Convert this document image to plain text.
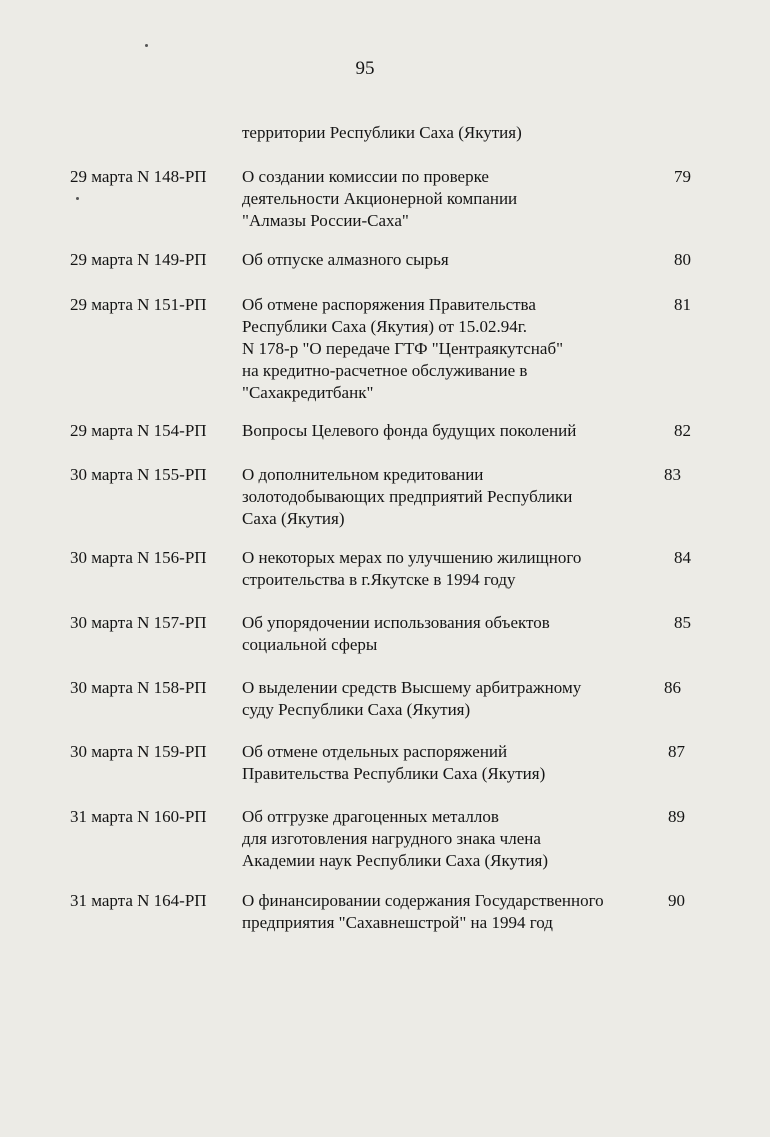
95
территории Республики Саха (Якутия)
29 марта N 148-РП О создании комиссии по проверке
деятельности Акционерной компании
"Алмазы России-Саха"
79
29 марта N 149-РП Об отпуске алмазного сырья	80
29 марта N 151-РП Об отмене распоряжения Правительства
Республики Саха (Якутия) от 15.02.94г.
N 178-р "О передаче ГТФ "Центраякутснаб"
на кредитно-расчетное обслуживание в
"Сахакредитбанк"
81
29 марта N 154-РП Вопросы Целевого фонда будущих поколений	82
30 марта N 155-РП О дополнительном кредитовании
золотодобывающих предприятий Республики
Саха (Якутия)
83
30 марта N 156-РП О некоторых мерах по улучшению жилищного
строительства в г.Якутске в 1994 году
84
30 марта N 157-РП Об упорядочении использования объектов
социальной сферы
85
30 марта N 158-РП О выделении средств Высшему арбитражному
суду Республики Саха (Якутия)
86
30 марта N 159-РП Об отмене отдельных распоряжений
Правительства Республики Саха (Якутия)
87
31 марта N 160-РП Об отгрузке драгоценных металлов
для изготовления нагрудного знака члена
Академии наук Республики Саха (Якутия)
89
31 марта N 164-РП О финансировании содержания Государственного
предприятия "Сахавнешстрой" на 1994 год
90
